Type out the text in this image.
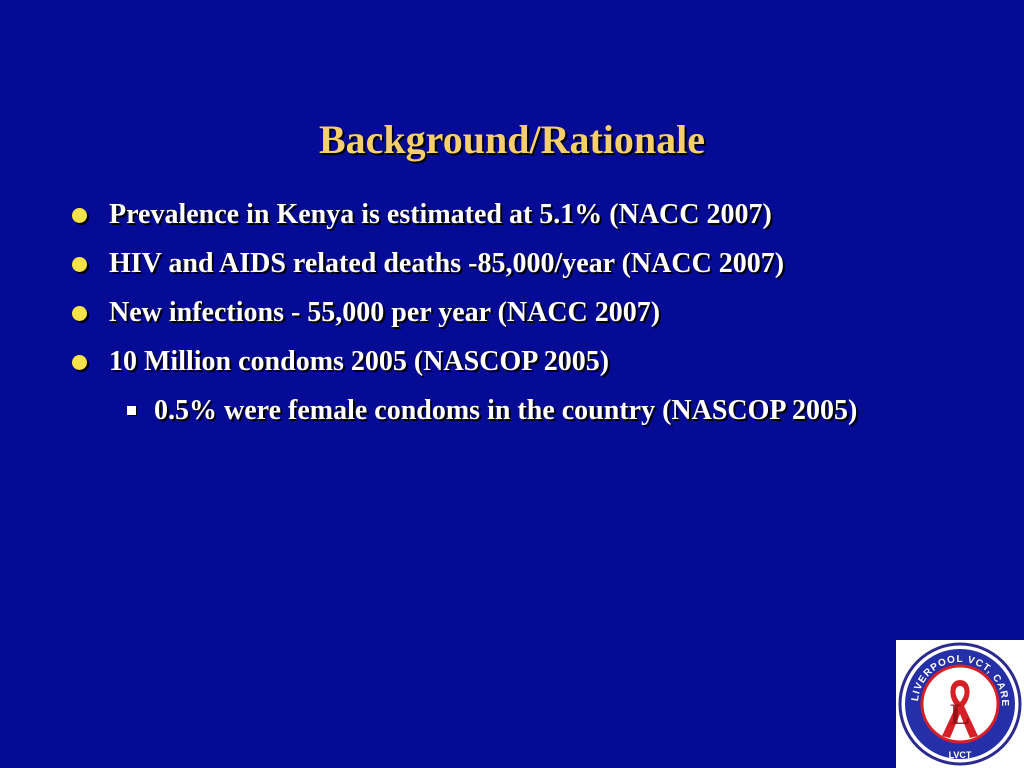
Background/Rationale
Prevalence in Kenya is estimated at 5.1% (NACC 2007)
HIV and AIDS related deaths -85,000/year (NACC 2007)
New infections - 55,000 per year (NACC 2007)
10 Million condoms 2005 (NASCOP 2005)
0.5% were female condoms in the country (NASCOP 2005)
LIVERPOOL VCT, CARE
LVCT
L
